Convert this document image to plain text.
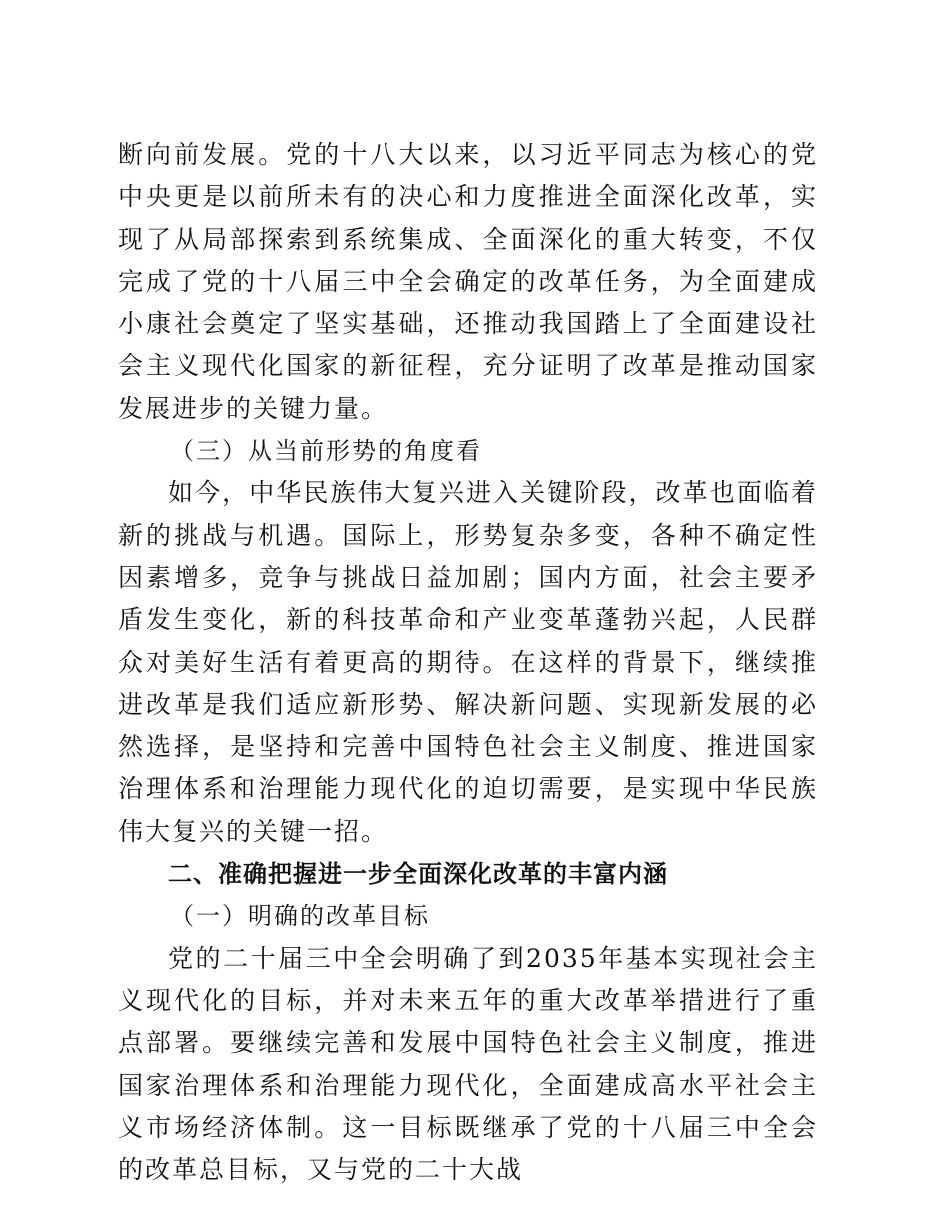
断向前发展。党的十八大以来，以习近平同志为核心的党中央更是以前所未有的决心和力度推进全面深化改革，实现了从局部探索到系统集成、全面深化的重大转变，不仅完成了党的十八届三中全会确定的改革任务，为全面建成小康社会奠定了坚实基础，还推动我国踏上了全面建设社会主义现代化国家的新征程，充分证明了改革是推动国家发展进步的关键力量。

（三）从当前形势的角度看

如今，中华民族伟大复兴进入关键阶段，改革也面临着新的挑战与机遇。国际上，形势复杂多变，各种不确定性因素增多，竞争与挑战日益加剧；国内方面，社会主要矛盾发生变化，新的科技革命和产业变革蓬勃兴起，人民群众对美好生活有着更高的期待。在这样的背景下，继续推进改革是我们适应新形势、解决新问题、实现新发展的必然选择，是坚持和完善中国特色社会主义制度、推进国家治理体系和治理能力现代化的迫切需要，是实现中华民族伟大复兴的关键一招。

二、准确把握进一步全面深化改革的丰富内涵

（一）明确的改革目标

党的二十届三中全会明确了到2035年基本实现社会主义现代化的目标，并对未来五年的重大改革举措进行了重点部署。要继续完善和发展中国特色社会主义制度，推进国家治理体系和治理能力现代化，全面建成高水平社会主义市场经济体制。这一目标既继承了党的十八届三中全会的改革总目标，又与党的二十大战
